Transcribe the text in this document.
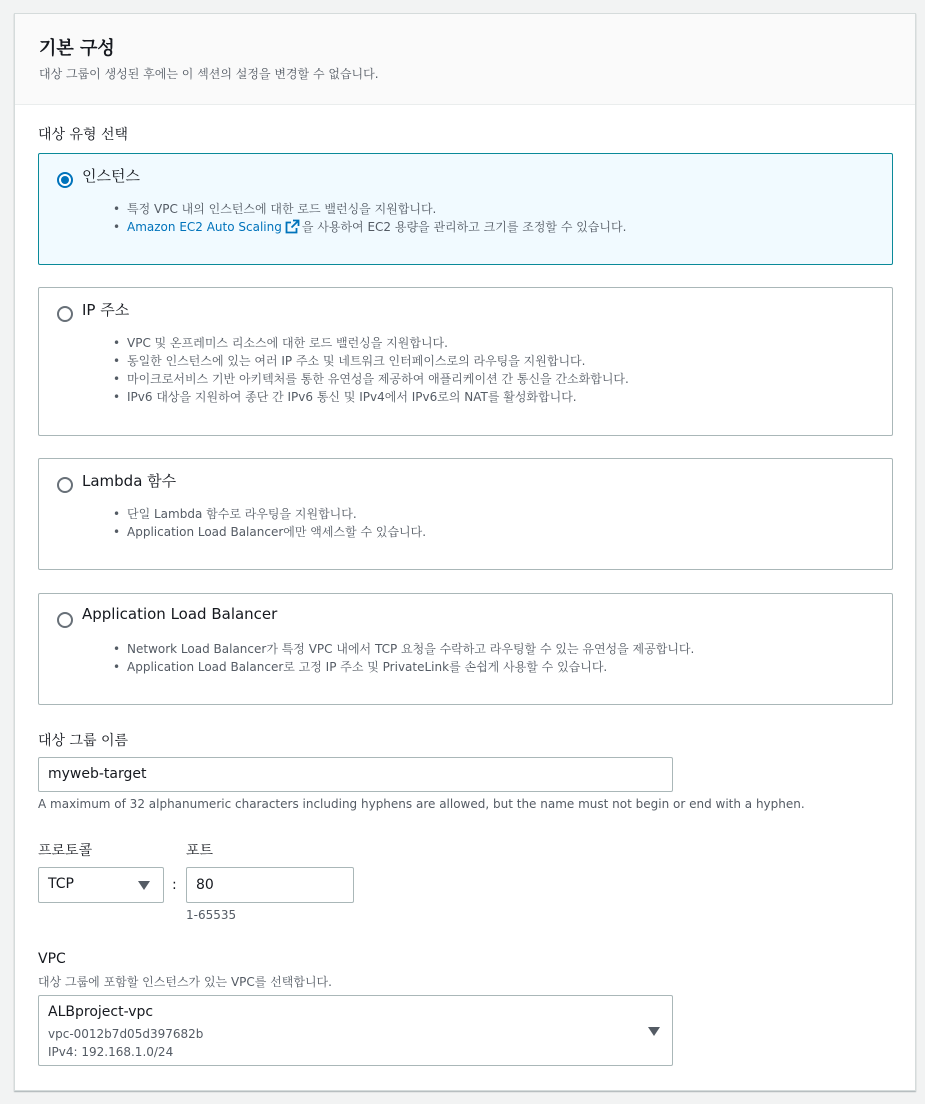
기본 구성
대상 그룹이 생성된 후에는 이 섹션의 설정을 변경할 수 없습니다.
대상 유형 선택
인스턴스
• 특정 VPC 내의 인스턴스에 대한 로드 밸런싱을 지원합니다.
• Amazon EC2 Auto Scaling 을 사용하여 EC2 용량을 관리하고 크기를 조정할 수 있습니다.
IP 주소
• VPC 및 온프레미스 리소스에 대한 로드 밸런싱을 지원합니다.
• 동일한 인스턴스에 있는 여러 IP 주소 및 네트워크 인터페이스로의 라우팅을 지원합니다.
• 마이크로서비스 기반 아키텍처를 통한 유연성을 제공하여 애플리케이션 간 통신을 간소화합니다.
• IPv6 대상을 지원하여 종단 간 IPv6 통신 및 IPv4에서 IPv6로의 NAT를 활성화합니다.
Lambda 함수
• 단일 Lambda 함수로 라우팅을 지원합니다.
• Application Load Balancer에만 액세스할 수 있습니다.
Application Load Balancer
• Network Load Balancer가 특정 VPC 내에서 TCP 요청을 수락하고 라우팅할 수 있는 유연성을 제공합니다.
• Application Load Balancer로 고정 IP 주소 및 PrivateLink를 손쉽게 사용할 수 있습니다.
대상 그룹 이름
myweb-target
A maximum of 32 alphanumeric characters including hyphens are allowed, but the name must not begin or end with a hyphen.
프로토콜	포트
TCP	:	80
1-65535
VPC
대상 그룹에 포함할 인스턴스가 있는 VPC를 선택합니다.
ALBproject-vpc
vpc-0012b7d05d397682b
IPv4: 192.168.1.0/24
